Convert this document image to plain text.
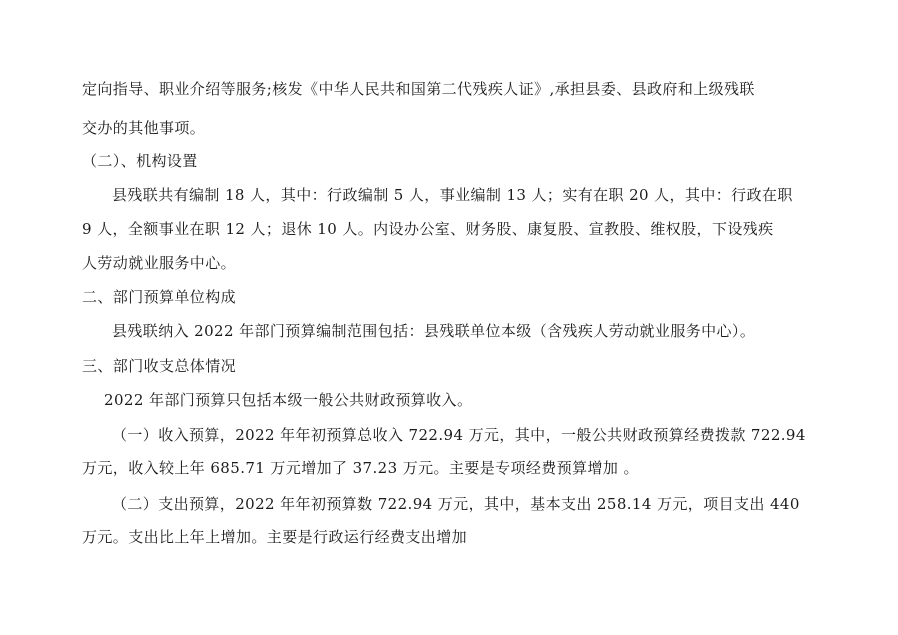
定向指导、职业介绍等服务;核发《中华人民共和国第二代残疾人证》,承担县委、县政府和上级残联
交办的其他事项。
（二）、机构设置
县残联共有编制 18 人，其中：行政编制 5 人，事业编制 13 人；实有在职 20 人，其中：行政在职
9 人，全额事业在职 12 人；退休 10 人。内设办公室、财务股、康复股、宣教股、维权股，下设残疾
人劳动就业服务中心。
二、部门预算单位构成
县残联纳入 2022 年部门预算编制范围包括：县残联单位本级（含残疾人劳动就业服务中心）。
三、部门收支总体情况
2022 年部门预算只包括本级一般公共财政预算收入。
（一）收入预算，2022 年年初预算总收入 722.94 万元，其中，一般公共财政预算经费拨款 722.94
万元，收入较上年 685.71 万元增加了 37.23 万元。主要是专项经费预算增加 。
（二）支出预算，2022 年年初预算数 722.94 万元，其中，基本支出 258.14 万元，项目支出 440
万元。支出比上年上增加。主要是行政运行经费支出增加
